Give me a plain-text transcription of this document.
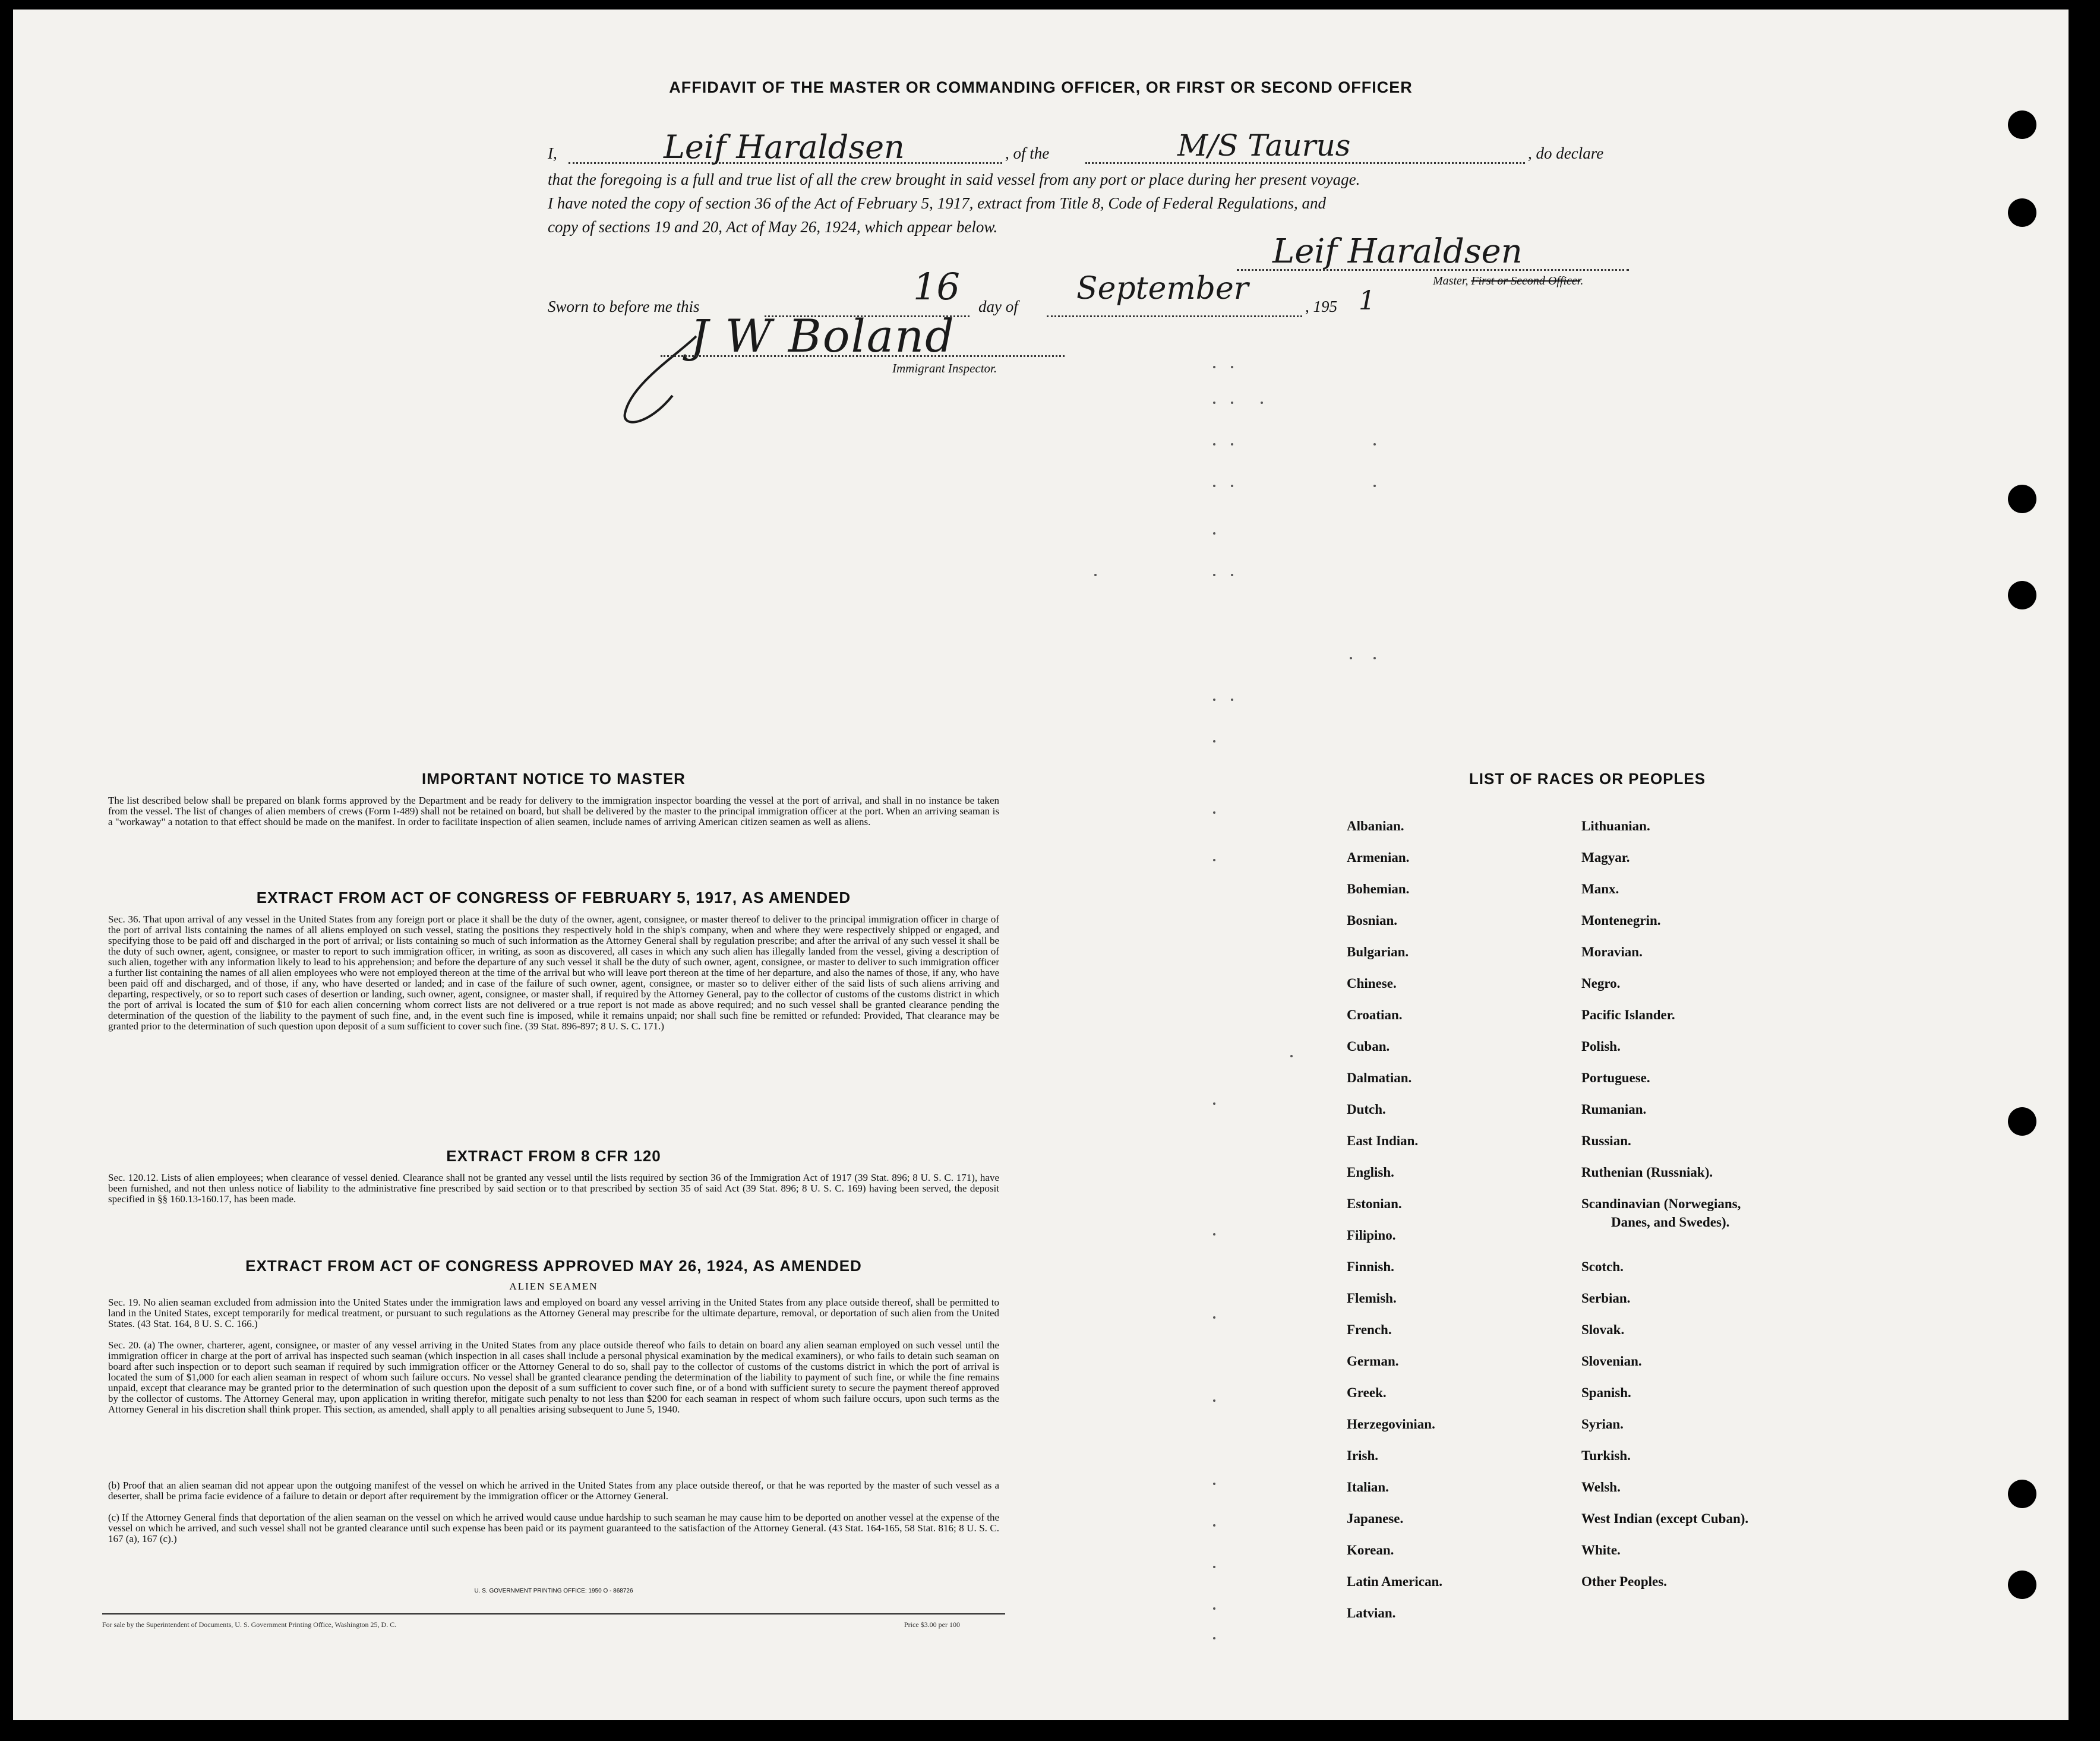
AFFIDAVIT OF THE MASTER OR COMMANDING OFFICER, OR FIRST OR SECOND OFFICER
I,	Leif Haraldsen	, of the	M/S Taurus	, do declare
that the foregoing is a full and true list of all the crew brought in said vessel from any port or place during her present voyage.
I have noted the copy of section 36 of the Act of February 5, 1917, extract from Title 8, Code of Federal Regulations, and
copy of sections 19 and 20, Act of May 26, 1924, which appear below.
Leif Haraldsen
Master, First or Second Officer.
Sworn to before me this	16 day of September	, 195 1
J W Boland
Immigrant Inspector.
IMPORTANT NOTICE TO MASTER
The list described below shall be prepared on blank forms approved by the Department and be ready for delivery to the immigration inspector boarding the vessel at the port of arrival, and shall in no instance be taken from the vessel. The list of changes of alien members of crews (Form I-489) shall not be retained on board, but shall be delivered by the master to the principal immigration officer at the port. When an arriving seaman is a "workaway" a notation to that effect should be made on the manifest. In order to facilitate inspection of alien seamen, include names of arriving American citizen seamen as well as aliens.
EXTRACT FROM ACT OF CONGRESS OF FEBRUARY 5, 1917, AS AMENDED
Sec. 36. That upon arrival of any vessel in the United States from any foreign port or place it shall be the duty of the owner, agent, consignee, or master thereof to deliver to the principal immigration officer in charge of the port of arrival lists containing the names of all aliens employed on such vessel, stating the positions they respectively hold in the ship's company, when and where they were respectively shipped or engaged, and specifying those to be paid off and discharged in the port of arrival; or lists containing so much of such information as the Attorney General shall by regulation prescribe; and after the arrival of any such vessel it shall be the duty of such owner, agent, consignee, or master to report to such immigration officer, in writing, as soon as discovered, all cases in which any such alien has illegally landed from the vessel, giving a description of such alien, together with any information likely to lead to his apprehension; and before the departure of any such vessel it shall be the duty of such owner, agent, consignee, or master to deliver to such immigration officer a further list containing the names of all alien employees who were not employed thereon at the time of the arrival but who will leave port thereon at the time of her departure, and also the names of those, if any, who have been paid off and discharged, and of those, if any, who have deserted or landed; and in case of the failure of such owner, agent, consignee, or master so to deliver either of the said lists of such aliens arriving and departing, respectively, or so to report such cases of desertion or landing, such owner, agent, consignee, or master shall, if required by the Attorney General, pay to the collector of customs of the customs district in which the port of arrival is located the sum of $10 for each alien concerning whom correct lists are not delivered or a true report is not made as above required; and no such vessel shall be granted clearance pending the determination of the question of the liability to the payment of such fine, and, in the event such fine is imposed, while it remains unpaid; nor shall such fine be remitted or refunded: Provided, That clearance may be granted prior to the determination of such question upon deposit of a sum sufficient to cover such fine. (39 Stat. 896-897; 8 U. S. C. 171.)
EXTRACT FROM 8 CFR 120
Sec. 120.12. Lists of alien employees; when clearance of vessel denied. Clearance shall not be granted any vessel until the lists required by section 36 of the Immigration Act of 1917 (39 Stat. 896; 8 U. S. C. 171), have been furnished, and not then unless notice of liability to the administrative fine prescribed by said section or to that prescribed by section 35 of said Act (39 Stat. 896; 8 U. S. C. 169) having been served, the deposit specified in §§ 160.13-160.17, has been made.
EXTRACT FROM ACT OF CONGRESS APPROVED MAY 26, 1924, AS AMENDED
ALIEN SEAMEN
Sec. 19. No alien seaman excluded from admission into the United States under the immigration laws and employed on board any vessel arriving in the United States from any place outside thereof, shall be permitted to land in the United States, except temporarily for medical treatment, or pursuant to such regulations as the Attorney General may prescribe for the ultimate departure, removal, or deportation of such alien from the United States. (43 Stat. 164, 8 U. S. C. 166.)
Sec. 20. (a) The owner, charterer, agent, consignee, or master of any vessel arriving in the United States from any place outside thereof who fails to detain on board any alien seaman employed on such vessel until the immigration officer in charge at the port of arrival has inspected such seaman (which inspection in all cases shall include a personal physical examination by the medical examiners), or who fails to detain such seaman on board after such inspection or to deport such seaman if required by such immigration officer or the Attorney General to do so, shall pay to the collector of customs of the customs district in which the port of arrival is located the sum of $1,000 for each alien seaman in respect of whom such failure occurs. No vessel shall be granted clearance pending the determination of the liability to payment of such fine, or while the fine remains unpaid, except that clearance may be granted prior to the determination of such question upon the deposit of a sum sufficient to cover such fine, or of a bond with sufficient surety to secure the payment thereof approved by the collector of customs. The Attorney General may, upon application in writing therefor, mitigate such penalty to not less than $200 for each seaman in respect of whom such failure occurs, upon such terms as the Attorney General in his discretion shall think proper. This section, as amended, shall apply to all penalties arising subsequent to June 5, 1940.
(b) Proof that an alien seaman did not appear upon the outgoing manifest of the vessel on which he arrived in the United States from any place outside thereof, or that he was reported by the master of such vessel as a deserter, shall be prima facie evidence of a failure to detain or deport after requirement by the immigration officer or the Attorney General.
(c) If the Attorney General finds that deportation of the alien seaman on the vessel on which he arrived would cause undue hardship to such seaman he may cause him to be deported on another vessel at the expense of the vessel on which he arrived, and such vessel shall not be granted clearance until such expense has been paid or its payment guaranteed to the satisfaction of the Attorney General. (43 Stat. 164-165, 58 Stat. 816; 8 U. S. C. 167 (a), 167 (c).)
U. S. GOVERNMENT PRINTING OFFICE: 1950 O - 868726
For sale by the Superintendent of Documents, U. S. Government Printing Office, Washington 25, D. C.	Price $3.00 per 100
LIST OF RACES OR PEOPLES
Albanian.
Armenian.
Bohemian.
Bosnian.
Bulgarian.
Chinese.
Croatian.
Cuban.
Dalmatian.
Dutch.
East Indian.
English.
Estonian.
Filipino.
Finnish.
Flemish.
French.
German.
Greek.
Herzegovinian.
Irish.
Italian.
Japanese.
Korean.
Latin American.
Latvian.
Lithuanian.
Magyar.
Manx.
Montenegrin.
Moravian.
Negro.
Pacific Islander.
Polish.
Portuguese.
Rumanian.
Russian.
Ruthenian (Russniak).
Scandinavian (Norwegians,
Danes, and Swedes).
Scotch.
Serbian.
Slovak.
Slovenian.
Spanish.
Syrian.
Turkish.
Welsh.
West Indian (except Cuban).
White.
Other Peoples.
